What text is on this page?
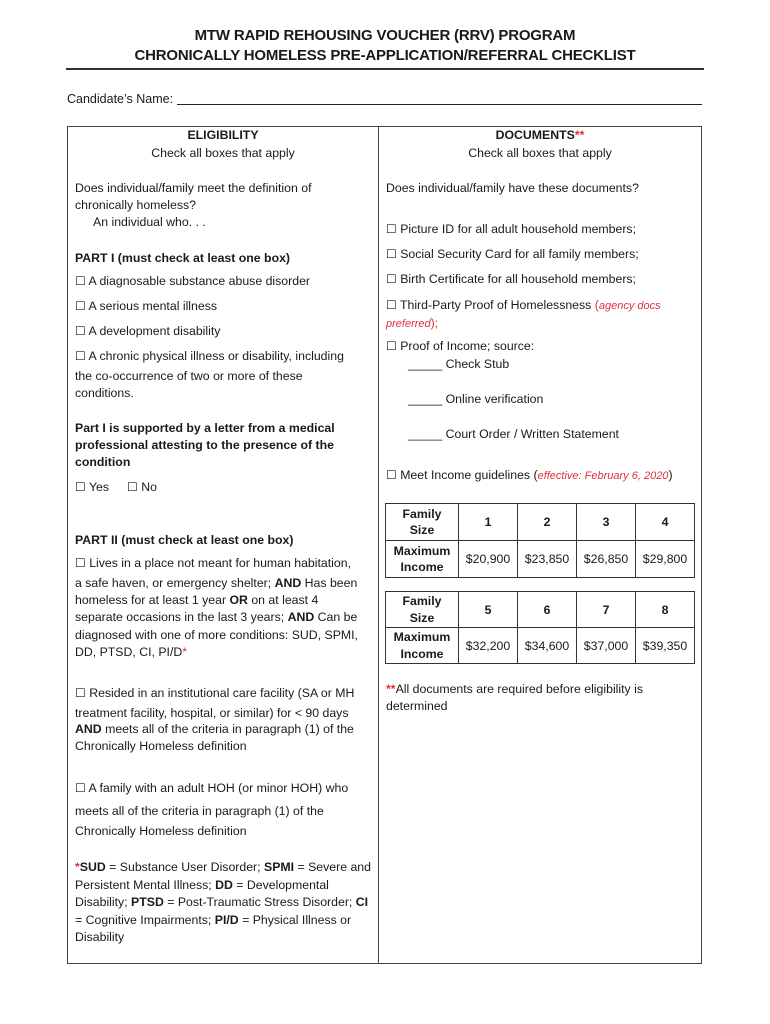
MTW RAPID REHOUSING VOUCHER (RRV) PROGRAM
CHRONICALLY HOMELESS PRE-APPLICATION/REFERRAL CHECKLIST
Candidate’s Name:
ELIGIBILITY
Check all boxes that apply
Does individual/family meet the definition of
chronically homeless?
An individual who. . .
PART I (must check at least one box)
☐ A diagnosable substance abuse disorder
☐ A serious mental illness
☐ A development disability
☐ A chronic physical illness or disability, including
the co-occurrence of two or more of these
conditions.
Part I is supported by a letter from a medical
professional attesting to the presence of the
condition
☐ Yes ☐ No
PART II (must check at least one box)
☐ Lives in a place not meant for human habitation,
a safe haven, or emergency shelter; AND Has been
homeless for at least 1 year OR on at least 4
separate occasions in the last 3 years; AND Can be
diagnosed with one of more conditions: SUD, SPMI,
DD, PTSD, CI, PI/D*
☐ Resided in an institutional care facility (SA or MH
treatment facility, hospital, or similar) for < 90 days
AND meets all of the criteria in paragraph (1) of the
Chronically Homeless definition
☐ A family with an adult HOH (or minor HOH) who
meets all of the criteria in paragraph (1) of the
Chronically Homeless definition
*SUD = Substance User Disorder; SPMI = Severe and
Persistent Mental Illness; DD = Developmental
Disability; PTSD = Post-Traumatic Stress Disorder; CI
= Cognitive Impairments; PI/D = Physical Illness or
Disability
DOCUMENTS**
Check all boxes that apply
Does individual/family have these documents?
☐ Picture ID for all adult household members;
☐ Social Security Card for all family members;
☐ Birth Certificate for all household members;
☐ Third-Party Proof of Homelessness (agency docs
preferred);
☐ Proof of Income; source:
_____ Check Stub
_____ Online verification
_____ Court Order / Written Statement
☐ Meet Income guidelines (effective: February 6, 2020)
Family
Size	1	2	3	4
Maximum
Income	$20,900	$23,850	$26,850	$29,800
Family
Size	5	6	7	8
Maximum
Income	$32,200	$34,600	$37,000	$39,350
**All documents are required before eligibility is
determined
